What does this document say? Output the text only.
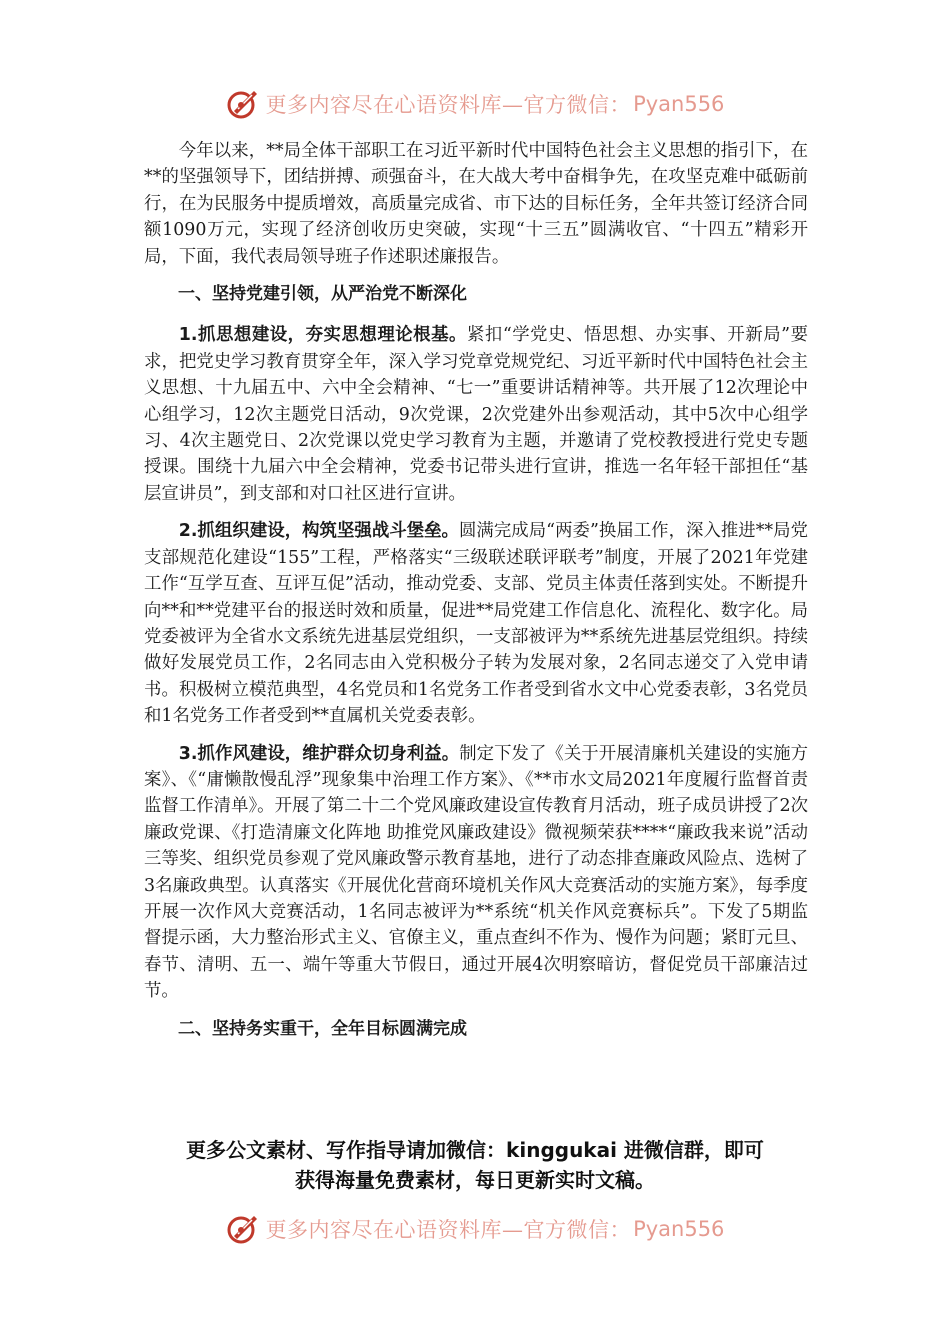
更多内容尽在心语资料库—官方微信： Pyan556

今年以来，**局全体干部职工在习近平新时代中国特色社会主义思想的指引下，在**的坚强领导下，团结拼搏、顽强奋斗，在大战大考中奋楫争先，在攻坚克难中砥砺前行，在为民服务中提质增效，高质量完成省、市下达的目标任务，全年共签订经济合同额1090万元，实现了经济创收历史突破，实现“十三五”圆满收官、“十四五”精彩开局，下面，我代表局领导班子作述职述廉报告。

一、坚持党建引领，从严治党不断深化

1.抓思想建设，夯实思想理论根基。紧扣“学党史、悟思想、办实事、开新局”要求，把党史学习教育贯穿全年，深入学习党章党规党纪、习近平新时代中国特色社会主义思想、十九届五中、六中全会精神、“七一”重要讲话精神等。共开展了12次理论中心组学习，12次主题党日活动，9次党课，2次党建外出参观活动，其中5次中心组学习、4次主题党日、2次党课以党史学习教育为主题，并邀请了党校教授进行党史专题授课。围绕十九届六中全会精神，党委书记带头进行宣讲，推选一名年轻干部担任“基层宣讲员”，到支部和对口社区进行宣讲。

2.抓组织建设，构筑坚强战斗堡垒。圆满完成局“两委”换届工作，深入推进**局党支部规范化建设“155”工程，严格落实“三级联述联评联考”制度，开展了2021年党建工作“互学互查、互评互促”活动，推动党委、支部、党员主体责任落到实处。不断提升向**和**党建平台的报送时效和质量，促进**局党建工作信息化、流程化、数字化。局党委被评为全省水文系统先进基层党组织，一支部被评为**系统先进基层党组织。持续做好发展党员工作，2名同志由入党积极分子转为发展对象，2名同志递交了入党申请书。积极树立模范典型，4名党员和1名党务工作者受到省水文中心党委表彰，3名党员和1名党务工作者受到**直属机关党委表彰。

3.抓作风建设，维护群众切身利益。制定下发了《关于开展清廉机关建设的实施方案》、《“庸懒散慢乱浮”现象集中治理工作方案》、《**市水文局2021年度履行监督首责监督工作清单》。开展了第二十二个党风廉政建设宣传教育月活动，班子成员讲授了2次廉政党课、《打造清廉文化阵地 助推党风廉政建设》微视频荣获****“廉政我来说”活动三等奖、组织党员参观了党风廉政警示教育基地，进行了动态排查廉政风险点、选树了3名廉政典型。认真落实《开展优化营商环境机关作风大竞赛活动的实施方案》，每季度开展一次作风大竞赛活动，1名同志被评为**系统“机关作风竞赛标兵”。下发了5期监督提示函，大力整治形式主义、官僚主义，重点查纠不作为、慢作为问题；紧盯元旦、春节、清明、五一、端午等重大节假日，通过开展4次明察暗访，督促党员干部廉洁过节。

二、坚持务实重干，全年目标圆满完成
更多公文素材、写作指导请加微信：kinggukai 进微信群，即可
获得海量免费素材，每日更新实时文稿。
更多内容尽在心语资料库—官方微信： Pyan556
